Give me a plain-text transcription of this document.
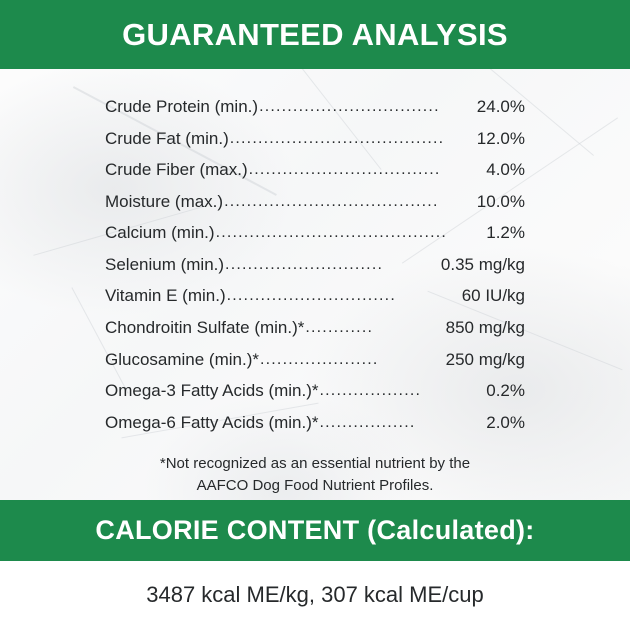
GUARANTEED ANALYSIS
Crude Protein (min.) ................................	24.0%
Crude Fat (min.) ......................................	12.0%
Crude Fiber (max.) ..................................	4.0%
Moisture (max.) ......................................	10.0%
Calcium (min.) .........................................	1.2%
Selenium (min.) ............................	0.35 mg/kg
Vitamin E (min.) ..............................	60 IU/kg
Chondroitin Sulfate (min.)* ............	850 mg/kg
Glucosamine (min.)* .....................	250 mg/kg
Omega-3 Fatty Acids (min.)* ..................	0.2%
Omega-6 Fatty Acids (min.)* .................	2.0%
*Not recognized as an essential nutrient by the
AAFCO Dog Food Nutrient Profiles.
CALORIE CONTENT (Calculated):
3487 kcal ME/kg, 307 kcal ME/cup
